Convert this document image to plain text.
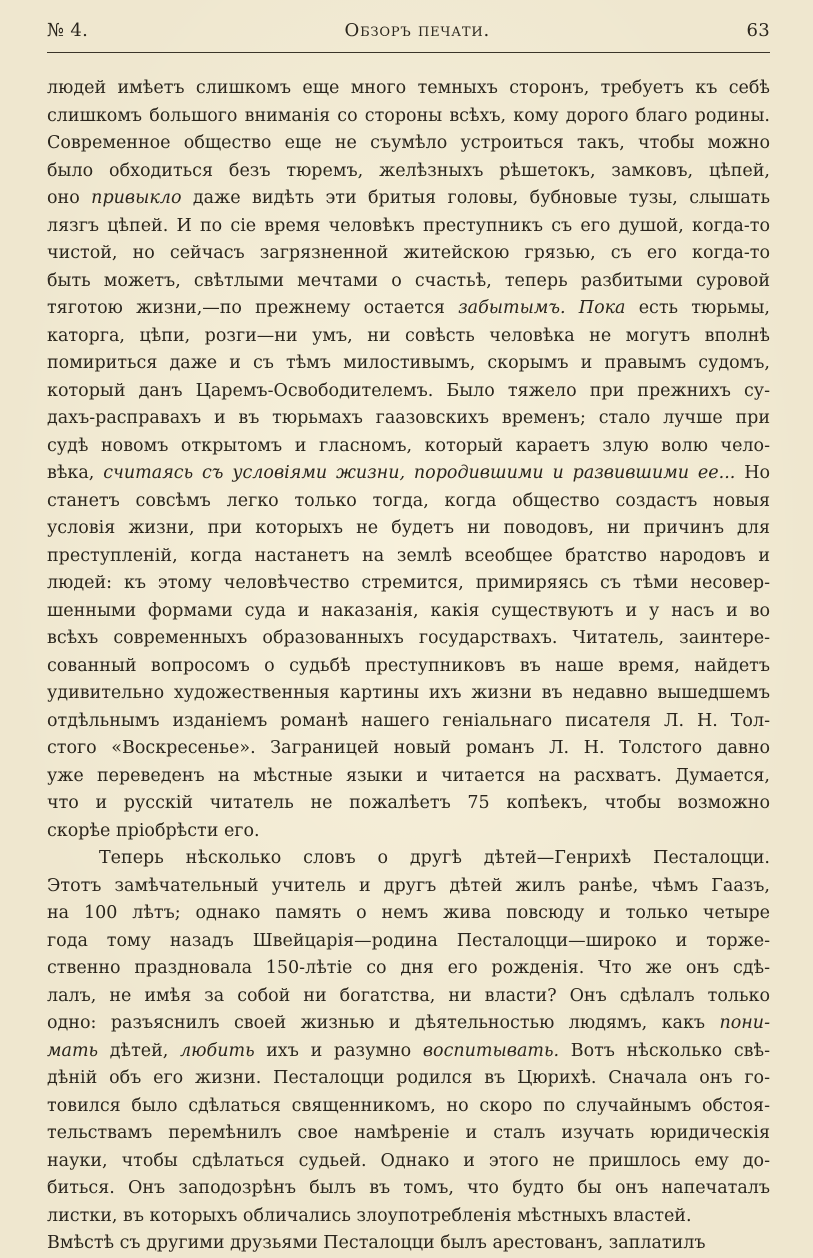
№ 4.	Обзоръ печати.	63
людей имѣетъ слишкомъ еще много темныхъ сторонъ, требуетъ къ себѣ
слишкомъ большого вниманія со стороны всѣхъ, кому дорого благо родины.
Современное общество еще не съумѣло устроиться такъ, чтобы можно
было обходиться безъ тюремъ, желѣзныхъ рѣшетокъ, замковъ, цѣпей,
оно привыкло даже видѣть эти бритыя головы, бубновые тузы, слышать
лязгъ цѣпей. И по сіе время человѣкъ преступникъ съ его душой, когда-то
чистой, но сейчасъ загрязненной житейскою грязью, съ его когда-то
быть можетъ, свѣтлыми мечтами о счастьѣ, теперь разбитыми суровой
тяготою жизни,—по прежнему остается забытымъ. Пока есть тюрьмы,
каторга, цѣпи, розги—ни умъ, ни совѣсть человѣка не могутъ вполнѣ
помириться даже и съ тѣмъ милостивымъ, скорымъ и правымъ судомъ,
который данъ Царемъ-Освободителемъ. Было тяжело при прежнихъ су-
дахъ-расправахъ и въ тюрьмахъ гаазовскихъ временъ; стало лучше при
судѣ новомъ открытомъ и гласномъ, который караетъ злую волю чело-
вѣка, считаясь съ условіями жизни, породившими и развившими ее... Но
станетъ совсѣмъ легко только тогда, когда общество создастъ новыя
условія жизни, при которыхъ не будетъ ни поводовъ, ни причинъ для
преступленій, когда настанетъ на землѣ всеобщее братство народовъ и
людей: къ этому человѣчество стремится, примиряясь съ тѣми несовер-
шенными формами суда и наказанія, какія существуютъ и у насъ и во
всѣхъ современныхъ образованныхъ государствахъ. Читатель, заинтере-
сованный вопросомъ о судьбѣ преступниковъ въ наше время, найдетъ
удивительно художественныя картины ихъ жизни въ недавно вышедшемъ
отдѣльнымъ изданіемъ романѣ нашего геніальнаго писателя Л. Н. Тол-
стого «Воскресенье». Заграницей новый романъ Л. Н. Толстого давно
уже переведенъ на мѣстные языки и читается на расхватъ. Думается,
что и русскій читатель не пожалѣетъ 75 копѣекъ, чтобы возможно
скорѣе пріобрѣсти его.
Теперь нѣсколько словъ о другѣ дѣтей—Генрихѣ Песталоцци.
Этотъ замѣчательный учитель и другъ дѣтей жилъ ранѣе, чѣмъ Гаазъ,
на 100 лѣтъ; однако память о немъ жива повсюду и только четыре
года тому назадъ Швейцарія—родина Песталоцци—широко и торже-
ственно праздновала 150-лѣтіе со дня его рожденія. Что же онъ сдѣ-
лалъ, не имѣя за собой ни богатства, ни власти? Онъ сдѣлалъ только
одно: разъяснилъ своей жизнью и дѣятельностью людямъ, какъ пони-
мать дѣтей, любить ихъ и разумно воспитывать. Вотъ нѣсколько свѣ-
дѣній объ его жизни. Песталоцци родился въ Цюрихѣ. Сначала онъ го-
товился было сдѣлаться священникомъ, но скоро по случайнымъ обстоя-
тельствамъ перемѣнилъ свое намѣреніе и сталъ изучать юридическія
науки, чтобы сдѣлаться судьей. Однако и этого не пришлось ему до-
биться. Онъ заподозрѣнъ былъ въ томъ, что будто бы онъ напечаталъ
листки, въ которыхъ обличались злоупотребленія мѣстныхъ властей.
Вмѣстѣ съ другими друзьями Песталоцци былъ арестованъ, заплатилъ
